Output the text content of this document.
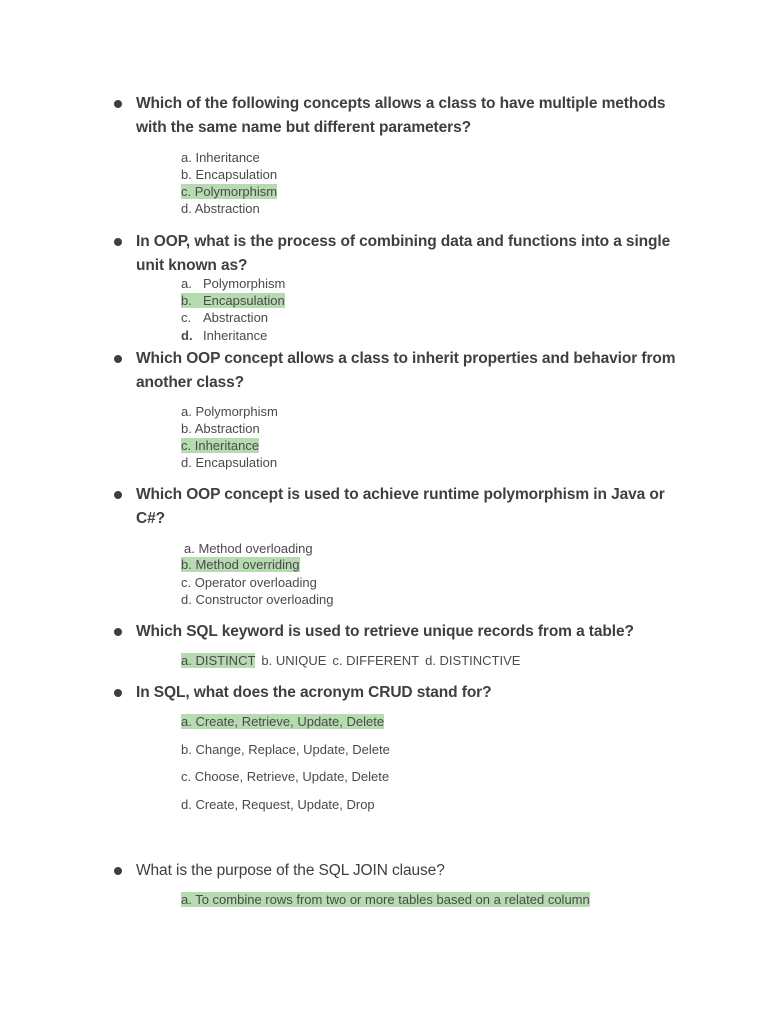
Which of the following concepts allows a class to have multiple methods with the same name but different parameters?
a. Inheritance
b. Encapsulation
c. Polymorphism
d. Abstraction
In OOP, what is the process of combining data and functions into a single unit known as?
a. Polymorphism
b. Encapsulation
c. Abstraction
d. Inheritance
Which OOP concept allows a class to inherit properties and behavior from another class?
a. Polymorphism
b. Abstraction
c. Inheritance
d. Encapsulation
Which OOP concept is used to achieve runtime polymorphism in Java or C#?
a. Method overloading
b. Method overriding
c. Operator overloading
d. Constructor overloading
Which SQL keyword is used to retrieve unique records from a table?
a. DISTINCT b. UNIQUE c. DIFFERENT d. DISTINCTIVE
In SQL, what does the acronym CRUD stand for?
a. Create, Retrieve, Update, Delete
b. Change, Replace, Update, Delete
c. Choose, Retrieve, Update, Delete
d. Create, Request, Update, Drop
What is the purpose of the SQL JOIN clause?
a. To combine rows from two or more tables based on a related column
